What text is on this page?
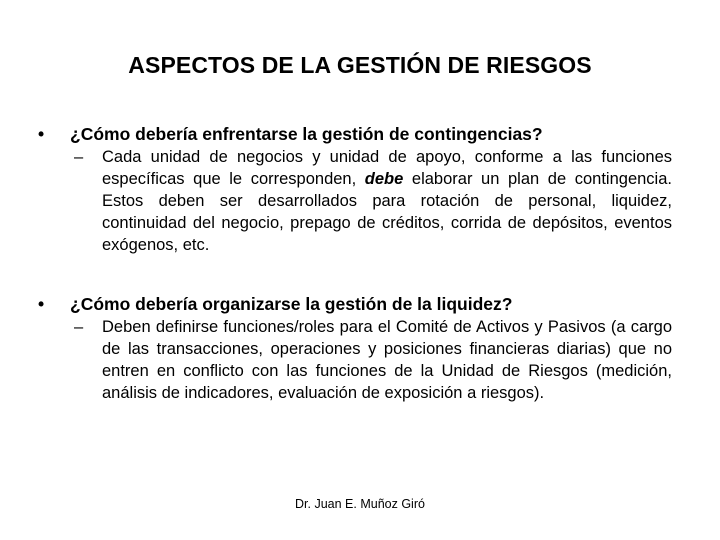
ASPECTOS DE LA GESTIÓN DE RIESGOS
• ¿Cómo debería enfrentarse la gestión de contingencias?
– Cada unidad de negocios y unidad de apoyo, conforme a las funciones específicas que le corresponden, debe elaborar un plan de contingencia. Estos deben ser desarrollados para rotación de personal, liquidez, continuidad del negocio, prepago de créditos, corrida de depósitos, eventos exógenos, etc.
• ¿Cómo debería organizarse la gestión de la liquidez?
– Deben definirse funciones/roles para el Comité de Activos y Pasivos (a cargo de las transacciones, operaciones y posiciones financieras diarias) que no entren en conflicto con las funciones de la Unidad de Riesgos (medición, análisis de indicadores, evaluación de exposición a riesgos).
Dr. Juan E. Muñoz Giró
